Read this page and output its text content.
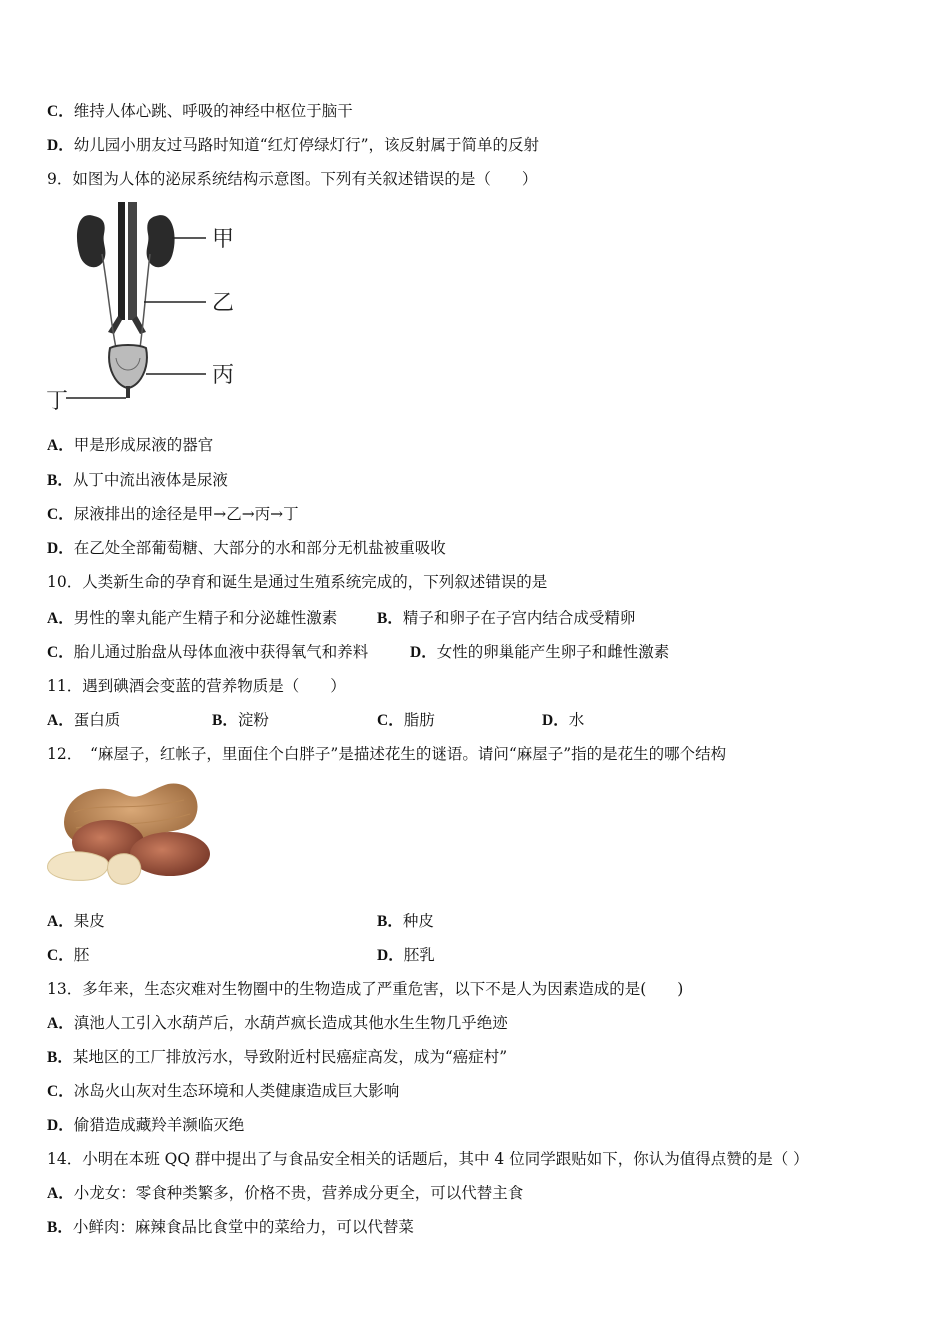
C．维持人体心跳、呼吸的神经中枢位于脑干
D．幼儿园小朋友过马路时知道“红灯停绿灯行”，该反射属于简单的反射
9．如图为人体的泌尿系统结构示意图。下列有关叙述错误的是（　　）
甲
乙
丙
丁
A．甲是形成尿液的器官
B．从丁中流出液体是尿液
C．尿液排出的途径是甲→乙→丙→丁
D．在乙处全部葡萄糖、大部分的水和部分无机盐被重吸收
10．人类新生命的孕育和诞生是通过生殖系统完成的，下列叙述错误的是
A．男性的睾丸能产生精子和分泌雄性激素	B．精子和卵子在子宫内结合成受精卵
C．胎儿通过胎盘从母体血液中获得氧气和养料	D．女性的卵巢能产生卵子和雌性激素
11．遇到碘酒会变蓝的营养物质是（　　）
A．蛋白质	B．淀粉	C．脂肪	D．水
12．　“麻屋子，红帐子，里面住个白胖子”是描述花生的谜语。请问“麻屋子”指的是花生的哪个结构
A．果皮	B．种皮
C．胚	D．胚乳
13．多年来，生态灾难对生物圈中的生物造成了严重危害，以下不是人为因素造成的是(　　)
A．滇池人工引入水葫芦后，水葫芦疯长造成其他水生生物几乎绝迹
B．某地区的工厂排放污水，导致附近村民癌症高发，成为“癌症村”
C．冰岛火山灰对生态环境和人类健康造成巨大影响
D．偷猎造成藏羚羊濒临灭绝
14．小明在本班 QQ 群中提出了与食品安全相关的话题后，其中 4 位同学跟贴如下，你认为值得点赞的是（ ）
A．小龙女：零食种类繁多，价格不贵，营养成分更全，可以代替主食
B．小鲜肉：麻辣食品比食堂中的菜给力，可以代替菜
